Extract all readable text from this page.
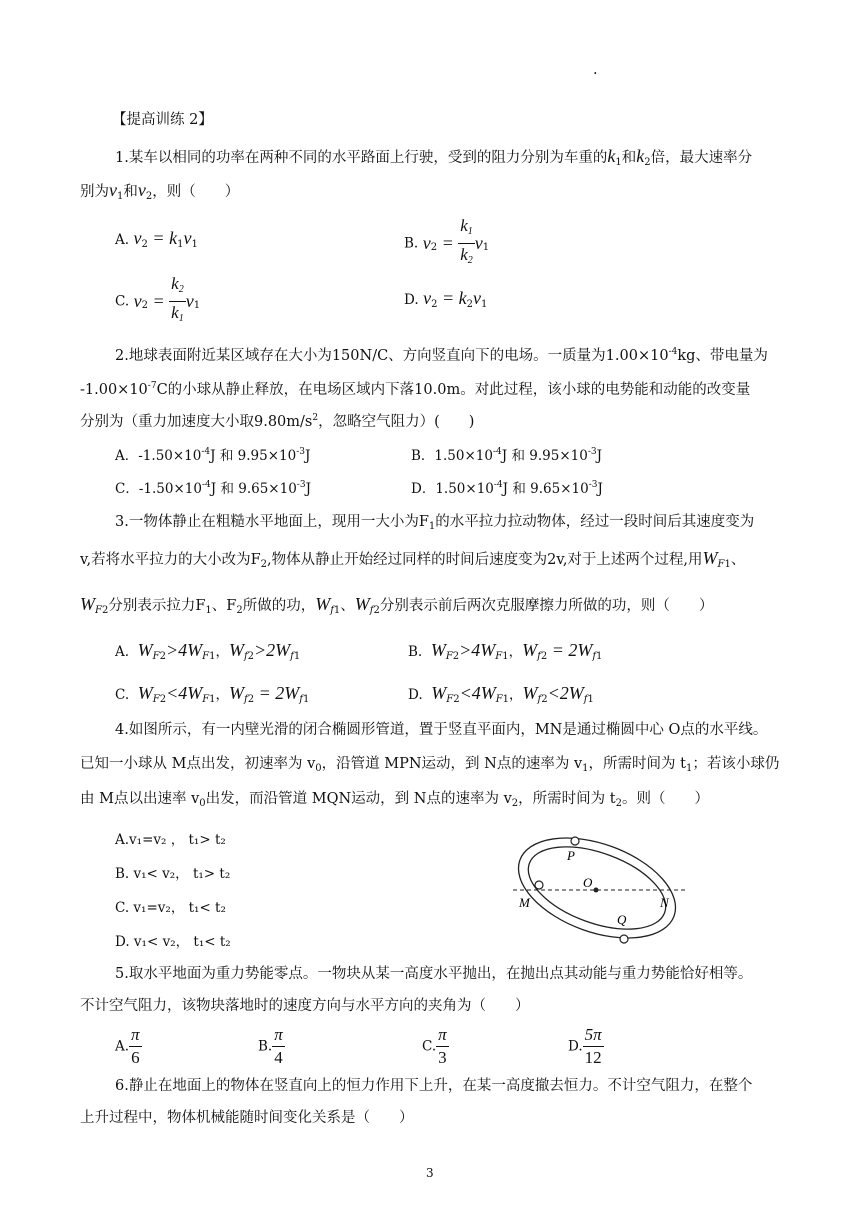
.
【提高训练 2】
1.某车以相同的功率在两种不同的水平路面上行驶，受到的阻力分别为车重的$k_1$和$k_2$倍，最大速率分
别为$v_1$和$v_2$，则（　　）
A. $v_2 = k_1v_1$	B. $v_2 = \frac{k_1}{k_2} v_1$
C. $v_2 = \frac{k_2}{k_1} v_1$	D. $v_2 = k_2v_1$
2.地球表面附近某区域存在大小为150N/C、方向竖直向下的电场。一质量为$1.00\times 10^{-4}kg$、带电量为
$-1.00\times 10^{-7}C$的小球从静止释放，在电场区域内下落10.0m。对此过程，该小球的电势能和动能的改变量
分别为（重力加速度大小取$9.80m/s^2$，忽略空气阻力）(　　)
A．$-1.50\times 10^{-4}J$ 和 $9.95\times 10^{-3}J$	B．$1.50\times 10^{-4}J$ 和 $9.95\times 10^{-3}J$
C．$-1.50\times 10^{-4}J$ 和 $9.65\times 10^{-3}J$	D．$1.50\times 10^{-4}J$ 和 $9.65\times 10^{-3}J$
3.一物体静止在粗糙水平地面上，现用一大小为$F_1$的水平拉力拉动物体，经过一段时间后其速度变为
v,若将水平拉力的大小改为$F_2$,物体从静止开始经过同样的时间后速度变为2v,对于上述两个过程,用$W_{F1}$、
$W_{F2}$分别表示拉力$F_1$、$F_2$所做的功，$W_{f1}$、$W_{f2}$分别表示前后两次克服摩擦力所做的功，则（　　）
A. $W_{F2}>4W_{F1}$，$W_{f2}>2W_{f1}$	B. $W_{F2}>4W_{F1}$，$W_{f2} = 2W_{f1}$
C. $W_{F2}<4W_{F1}$，$W_{f2} = 2W_{f1}$	D. $W_{F2}<4W_{F1}$，$W_{f2}<2W_{f1}$
4.如图所示，有一内壁光滑的闭合椭圆形管道，置于竖直平面内，MN是通过椭圆中心 O点的水平线。
已知一小球从 M点出发，初速率为 $v_0$，沿管道 MPN运动，到 N点的速率为 $v_1$，所需时间为 $t_1$；若该小球仍
由 M点以出速率 $v_0$出发，而沿管道 MQN运动，到 N点的速率为 $v_2$，所需时间为 $t_2$。则（　　）
A.v₁=v₂ ， t₁> t₂
B. v₁< v₂， t₁> t₂
C. v₁=v₂， t₁< t₂
D. v₁< v₂， t₁< t₂
P
O
M	N
Q
5.取水平地面为重力势能零点。一物块从某一高度水平抛出，在抛出点其动能与重力势能恰好相等。
不计空气阻力，该物块落地时的速度方向与水平方向的夹角为（　　）
A. $\frac{\pi}{6}$	B. $\frac{\pi}{4}$	C. $\frac{\pi}{3}$	D. $\frac{5\pi}{12}$
6.静止在地面上的物体在竖直向上的恒力作用下上升，在某一高度撤去恒力。不计空气阻力，在整个
上升过程中，物体机械能随时间变化关系是（　　）
3
